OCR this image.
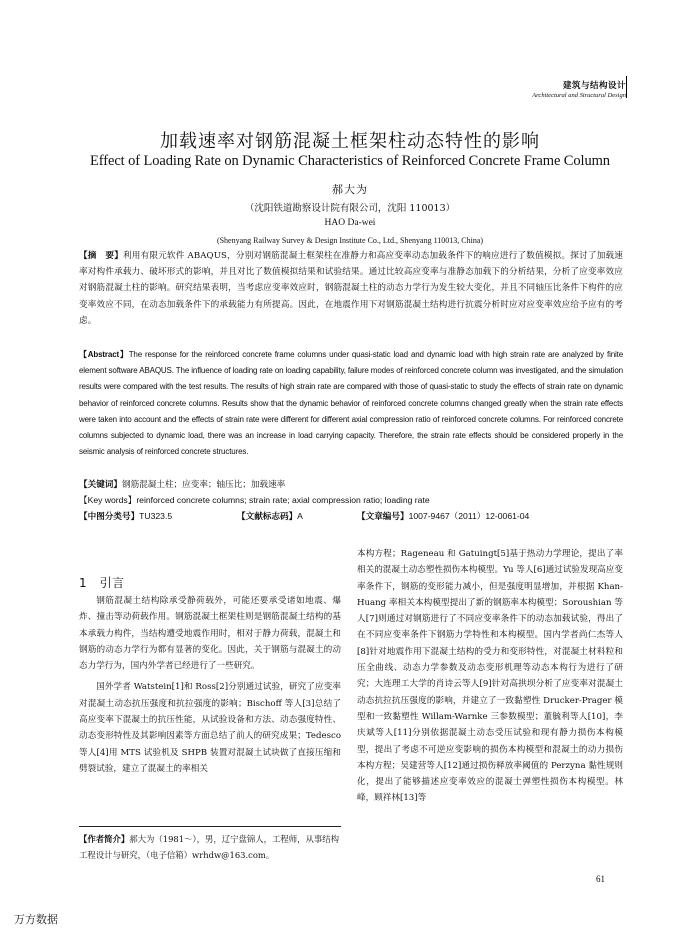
建筑与结构设计
Architectural and Structural Design
加载速率对钢筋混凝土框架柱动态特性的影响
Effect of Loading Rate on Dynamic Characteristics of Reinforced Concrete Frame Column
郝大为
（沈阳铁道勘察设计院有限公司，沈阳 110013）
HAO Da-wei
(Shenyang Railway Survey & Design Institute Co., Ltd., Shenyang 110013, China)
【摘　要】利用有限元软件 ABAQUS，分别对钢筋混凝土框架柱在准静力和高应变率动态加载条件下的响应进行了数值模拟。探讨了加载速率对构件承载力、破坏形式的影响，并且对比了数值模拟结果和试验结果。通过比较高应变率与准静态加载下的分析结果，分析了应变率效应对钢筋混凝土柱的影响。研究结果表明，当考虑应变率效应时，钢筋混凝土柱的动态力学行为发生较大变化，并且不同轴压比条件下构件的应变率效应不同，在动态加载条件下的承载能力有所提高。因此，在地震作用下对钢筋混凝土结构进行抗震分析时应对应变率效应给予应有的考虑。
【Abstract】The response for the reinforced concrete frame columns under quasi-static load and dynamic load with high strain rate are analyzed by finite element software ABAQUS. The influence of loading rate on loading capability, failure modes of reinforced concrete column was investigated, and the simulation results were compared with the test results. The results of high strain rate are compared with those of quasi-static to study the effects of strain rate on dynamic behavior of reinforced concrete columns. Results show that the dynamic behavior of reinforced concrete columns changed greatly when the strain rate effects were taken into account and the effects of strain rate were different for different axial compression ratio of reinforced concrete columns. For reinforced concrete columns subjected to dynamic load, there was an increase in load carrying capacity. Therefore, the strain rate effects should be considered properly in the seismic analysis of reinforced concrete structures.
【关键词】钢筋混凝土柱；应变率；轴压比；加载速率
【Key words】reinforced concrete columns; strain rate; axial compression ratio; loading rate
【中图分类号】TU323.5	【文献标志码】A	【文章编号】1007-9467（2011）12-0061-04
1　引言

钢筋混凝土结构除承受静荷载外，可能还要承受诸如地震、爆炸、撞击等动荷载作用。钢筋混凝土框架柱则是钢筋混凝土结构的基本承载力构件，当结构遭受地震作用时，相对于静力荷载，混凝土和钢筋的动态力学行为都有显著的变化。因此，关于钢筋与混凝土的动态力学行为，国内外学者已经进行了一些研究。

国外学者 Watstein[1]和 Ross[2]分别通过试验，研究了应变率对混凝土动态抗压强度和抗拉强度的影响；Bischoff 等人[3]总结了高应变率下混凝土的抗压性能，从试验设备和方法、动态强度特性、动态变形特性及其影响因素等方面总结了前人的研究成果；Tedesco 等人[4]用 MTS 试验机及 SHPB 装置对混凝土试块做了直接压缩和劈裂试验，建立了混凝土的率相关

本构方程；Rageneau 和 Gatuingt[5]基于热动力学理论，提出了率相关的混凝土动态塑性损伤本构模型。Yu 等人[6]通过试验发现高应变率条件下，钢筋的变形能力减小，但是强度明显增加，并根据 Khan-Huang 率相关本构模型提出了新的钢筋率本构模型；Soroushian 等人[7]则通过对钢筋进行了不同应变率条件下的动态加载试验，得出了在不同应变率条件下钢筋力学特性和本构模型。国内学者尚仁杰等人[8]针对地震作用下混凝土结构的受力和变形特性，对混凝土材料粒和压全曲线、动态力学参数及动态变形机理等动态本构行为进行了研究；大连理工大学的肖诗云等人[9]针对高拱坝分析了应变率对混凝土动态抗拉抗压强度的影响，并建立了一致黏塑性 Drucker-Prager 模型和一致黏塑性 Willam-Warnke 三参数模型；董毓利等人[10]，李庆斌等人[11]分别依据混凝土动态受压试验和现有静力损伤本构模型，提出了考虑不可逆应变影响的损伤本构模型和混凝土的动力损伤本构方程；吴建营等人[12]通过损伤释放率阈值的 Perzyna 黏性规则化，提出了能够描述应变率效应的混凝土弹塑性损伤本构模型。林峰，顾祥林[13]等

【作者简介】郝大为（1981～），男，辽宁盘锦人，工程师，从事结构工程设计与研究，（电子信箱）wrhdw@163.com。
61
万方数据
